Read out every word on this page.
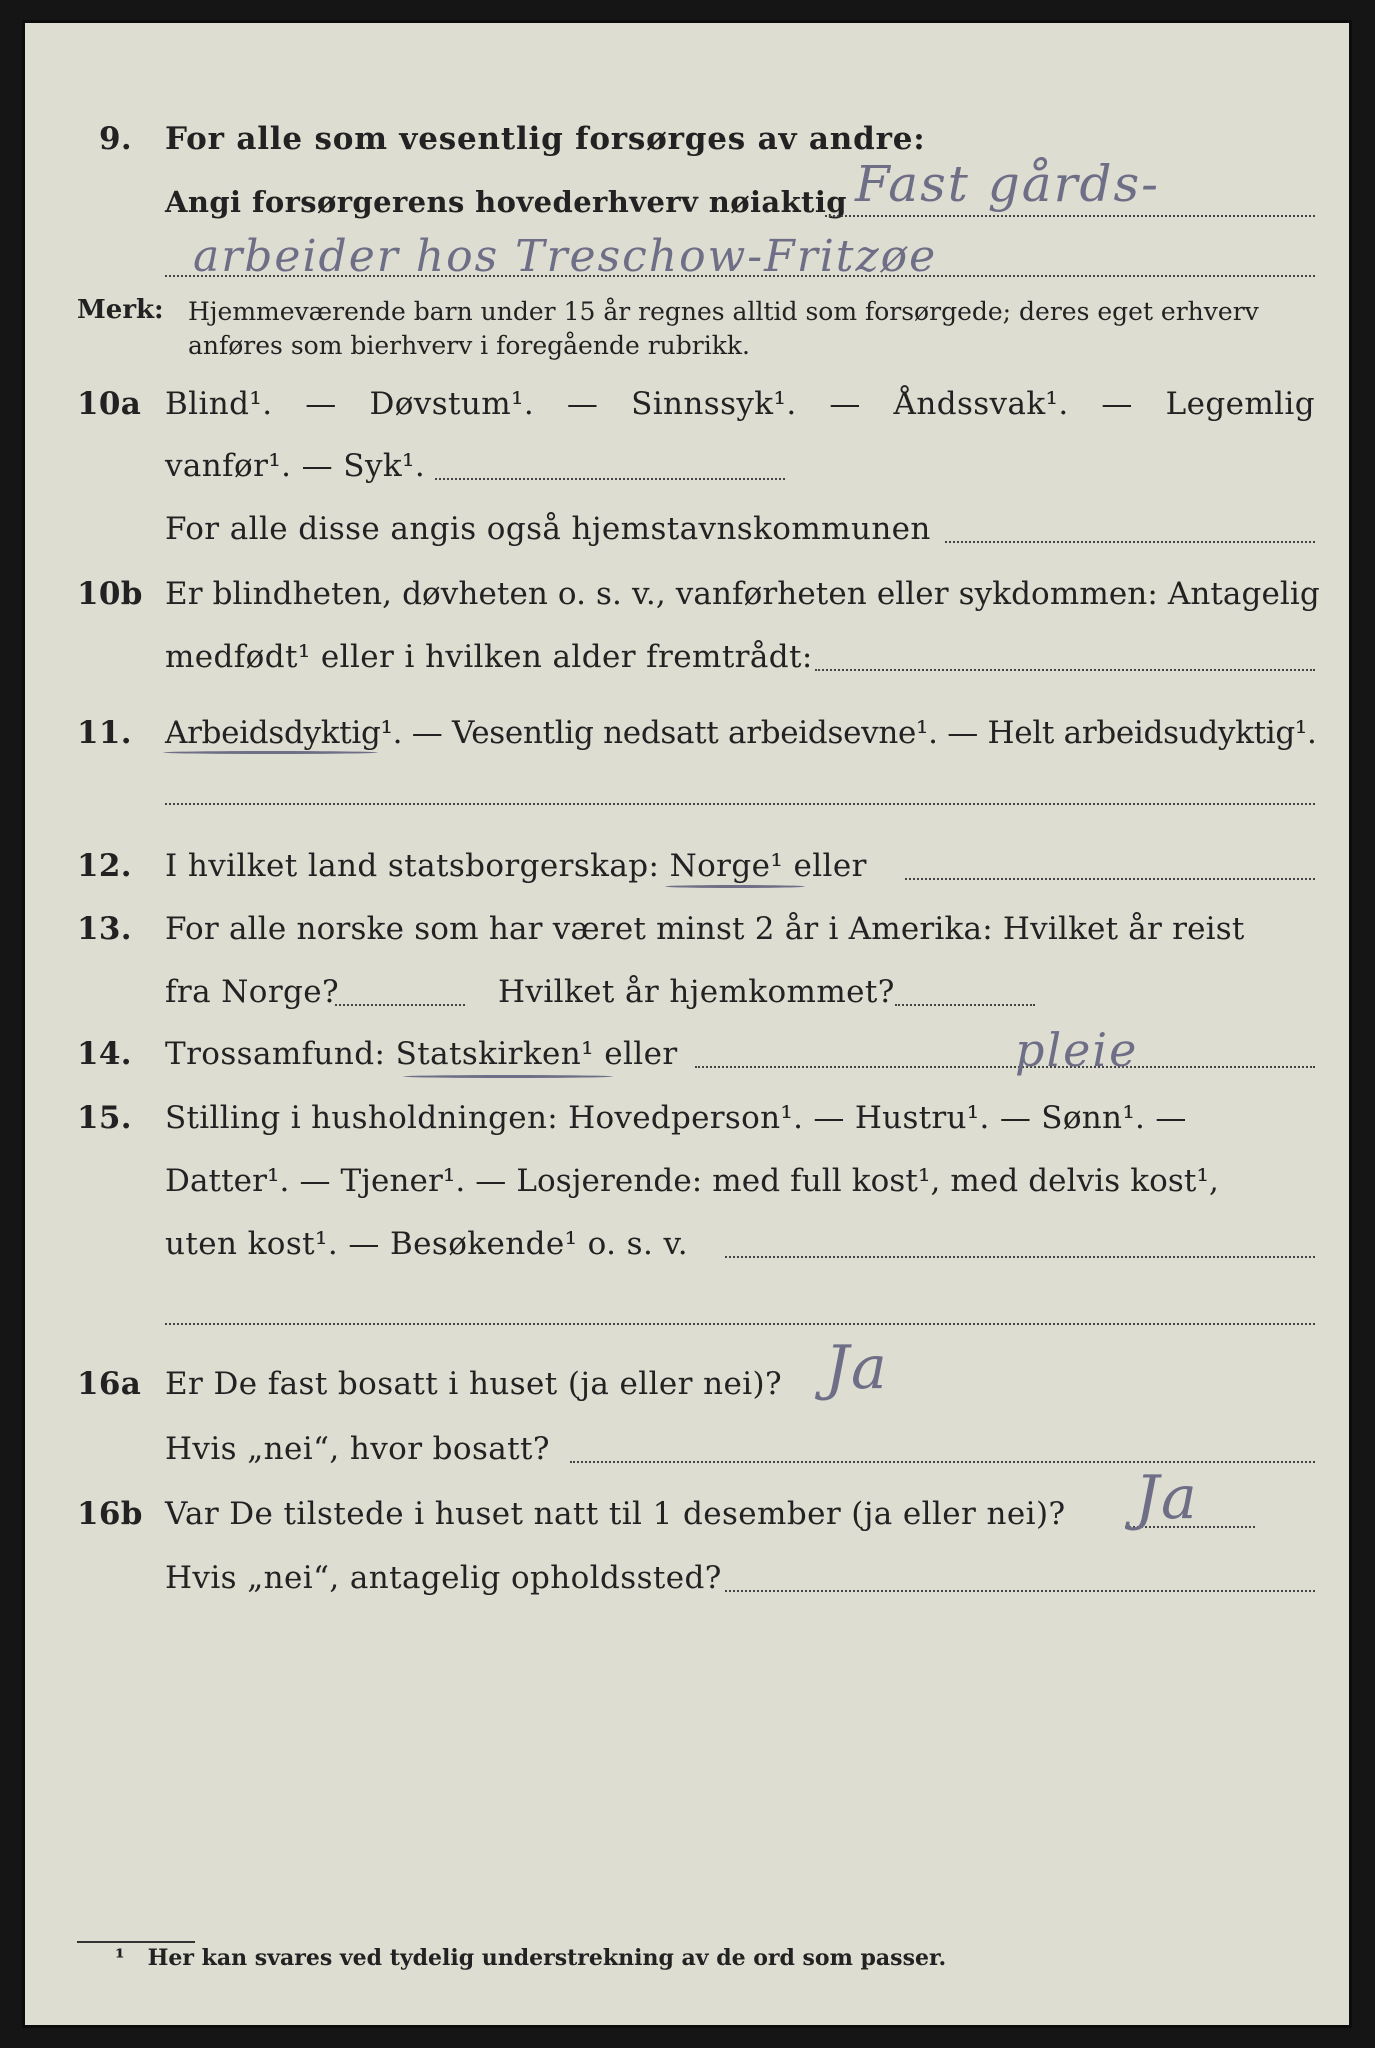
9. For alle som vesentlig forsørges av andre:
Angi forsørgerens hovederhverv nøiaktig Fast gårds-
arbeider hos Treschow-Fritzøe
Merk: Hjemmeværende barn under 15 år regnes alltid som forsørgede; deres eget erhverv anføres som bierhverv i foregående rubrikk.
10a Blind¹. — Døvstum¹. — Sinnssyk¹. — Åndssvak¹. — Legemlig
vanfør¹. — Syk¹.
For alle disse angis også hjemstavnskommunen
10b Er blindheten, døvheten o. s. v., vanførheten eller sykdommen: Antagelig
medfødt¹ eller i hvilken alder fremtrådt:
11. Arbeidsdyktig¹. — Vesentlig nedsatt arbeidsevne¹. — Helt arbeidsudyktig¹.
12. I hvilket land statsborgerskap: Norge¹ eller
13. For alle norske som har været minst 2 år i Amerika: Hvilket år reist
fra Norge?	Hvilket år hjemkommet?
14. Trossamfund: Statskirken¹ eller	pleie
15. Stilling i husholdningen: Hovedperson¹. — Hustru¹. — Sønn¹. —
Datter¹. — Tjener¹. — Losjerende: med full kost¹, med delvis kost¹,
uten kost¹. — Besøkende¹ o. s. v.
16a Er De fast bosatt i huset (ja eller nei)? Ja
Hvis „nei“, hvor bosatt?
16b Var De tilstede i huset natt til 1 desember (ja eller nei)? Ja
Hvis „nei“, antagelig opholdssted?
¹ Her kan svares ved tydelig understrekning av de ord som passer.
